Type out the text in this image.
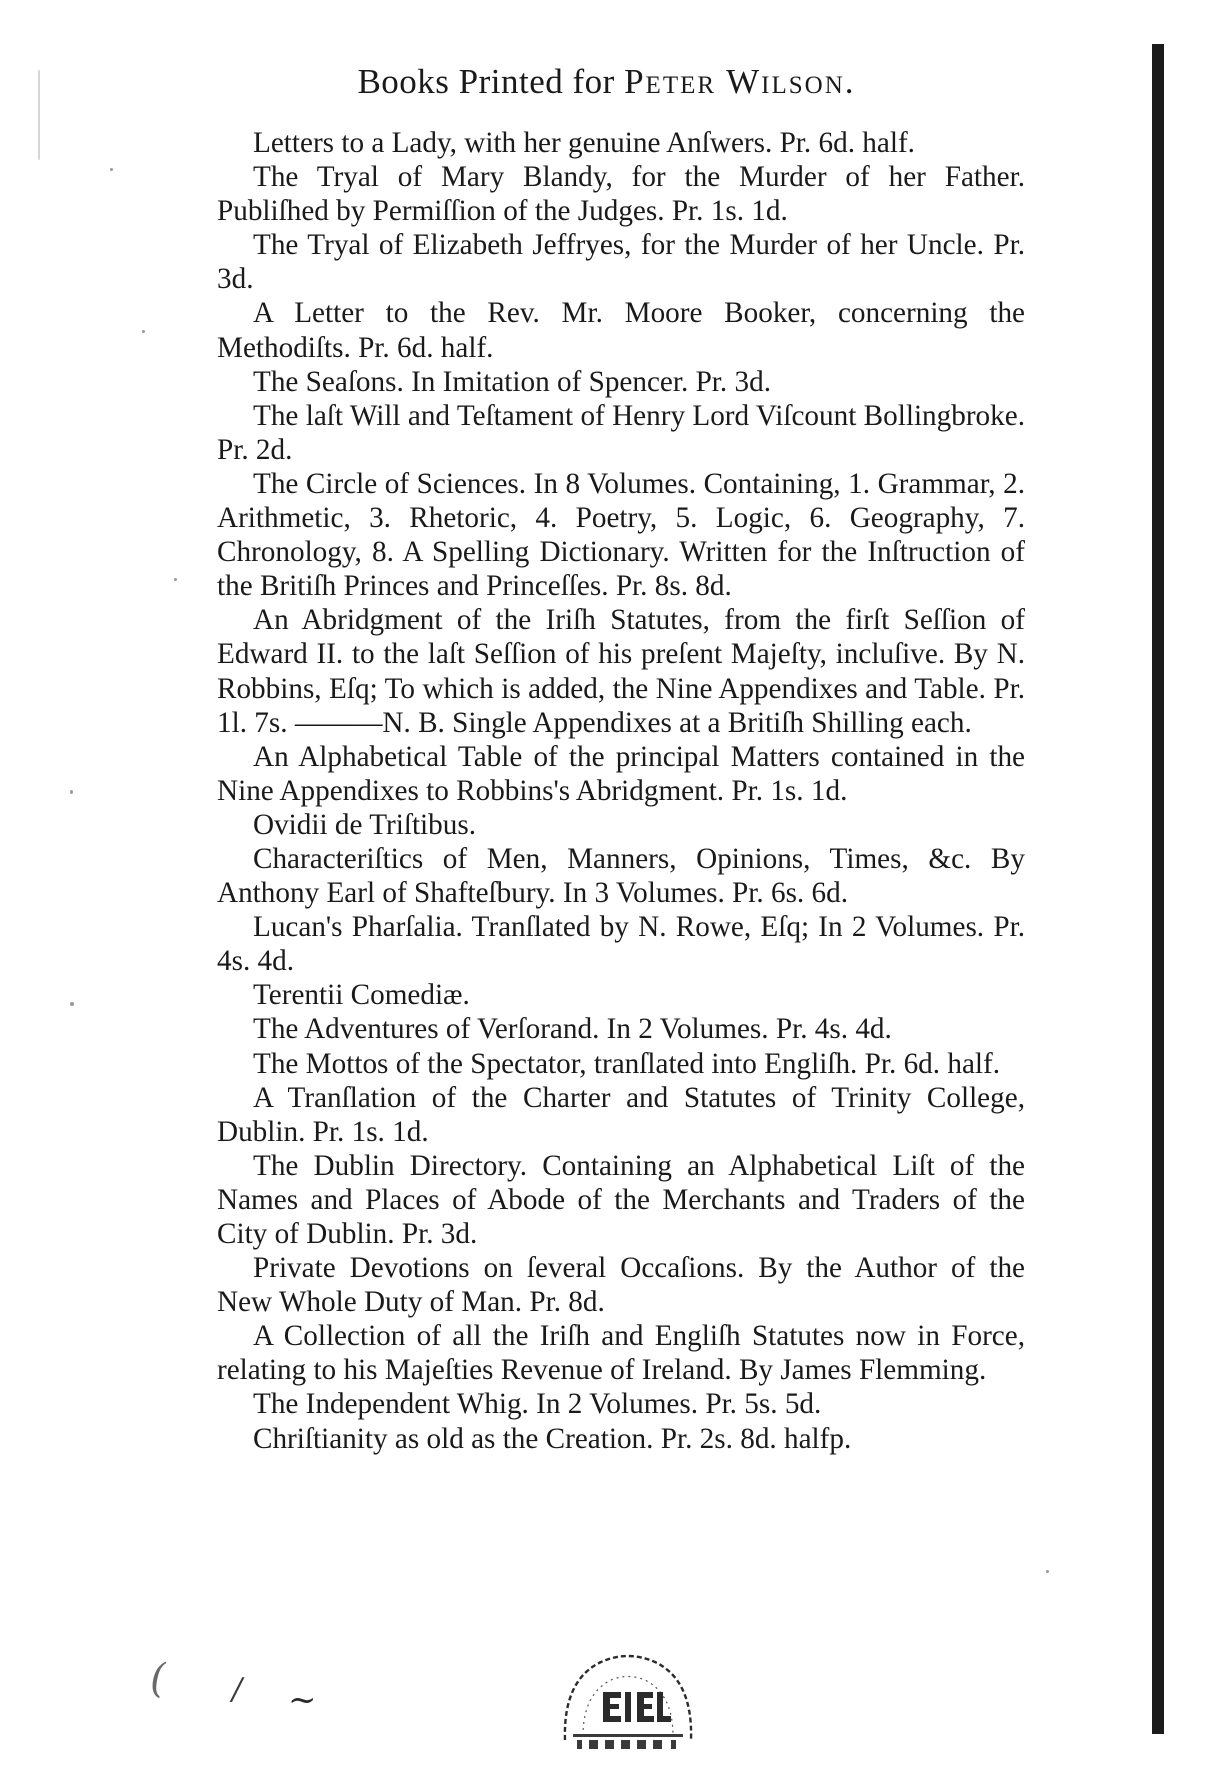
Books Printed for Peter Wilson.

Letters to a Lady, with her genuine Anſwers. Pr. 6d. half.

The Tryal of Mary Blandy, for the Murder of her Father. Publiſhed by Permiſſion of the Judges. Pr. 1s. 1d.

The Tryal of Elizabeth Jeffryes, for the Murder of her Uncle. Pr. 3d.

A Letter to the Rev. Mr. Moore Booker, concerning the Methodiſts. Pr. 6d. half.

The Seaſons. In Imitation of Spencer. Pr. 3d.

The laſt Will and Teſtament of Henry Lord Viſcount Bollingbroke. Pr. 2d.

The Circle of Sciences. In 8 Volumes. Containing, 1. Grammar, 2. Arithmetic, 3. Rhetoric, 4. Poetry, 5. Logic, 6. Geography, 7. Chronology, 8. A Spelling Dictionary. Written for the Inſtruction of the Britiſh Princes and Princeſſes. Pr. 8s. 8d.

An Abridgment of the Iriſh Statutes, from the firſt Seſſion of Edward II. to the laſt Seſſion of his preſent Majeſty, incluſive. By N. Robbins, Eſq; To which is added, the Nine Appendixes and Table. Pr. 1l. 7s. ———N. B. Single Appendixes at a Britiſh Shilling each.

An Alphabetical Table of the principal Matters contained in the Nine Appendixes to Robbins's Abridgment. Pr. 1s. 1d.

Ovidii de Triſtibus.

Characteriſtics of Men, Manners, Opinions, Times, &c. By Anthony Earl of Shafteſbury. In 3 Volumes. Pr. 6s. 6d.

Lucan's Pharſalia. Tranſlated by N. Rowe, Eſq; In 2 Volumes. Pr. 4s. 4d.

Terentii Comediæ.

The Adventures of Verſorand. In 2 Volumes. Pr. 4s. 4d.

The Mottos of the Spectator, tranſlated into Engliſh. Pr. 6d. half.

A Tranſlation of the Charter and Statutes of Trinity College, Dublin. Pr. 1s. 1d.

The Dublin Directory. Containing an Alphabetical Liſt of the Names and Places of Abode of the Merchants and Traders of the City of Dublin. Pr. 3d.

Private Devotions on ſeveral Occaſions. By the Author of the New Whole Duty of Man. Pr. 8d.

A Collection of all the Iriſh and Engliſh Statutes now in Force, relating to his Majeſties Revenue of Ireland. By James Flemming.

The Independent Whig. In 2 Volumes. Pr. 5s. 5d.

Chriſtianity as old as the Creation. Pr. 2s. 8d. halfp.

( / ~
